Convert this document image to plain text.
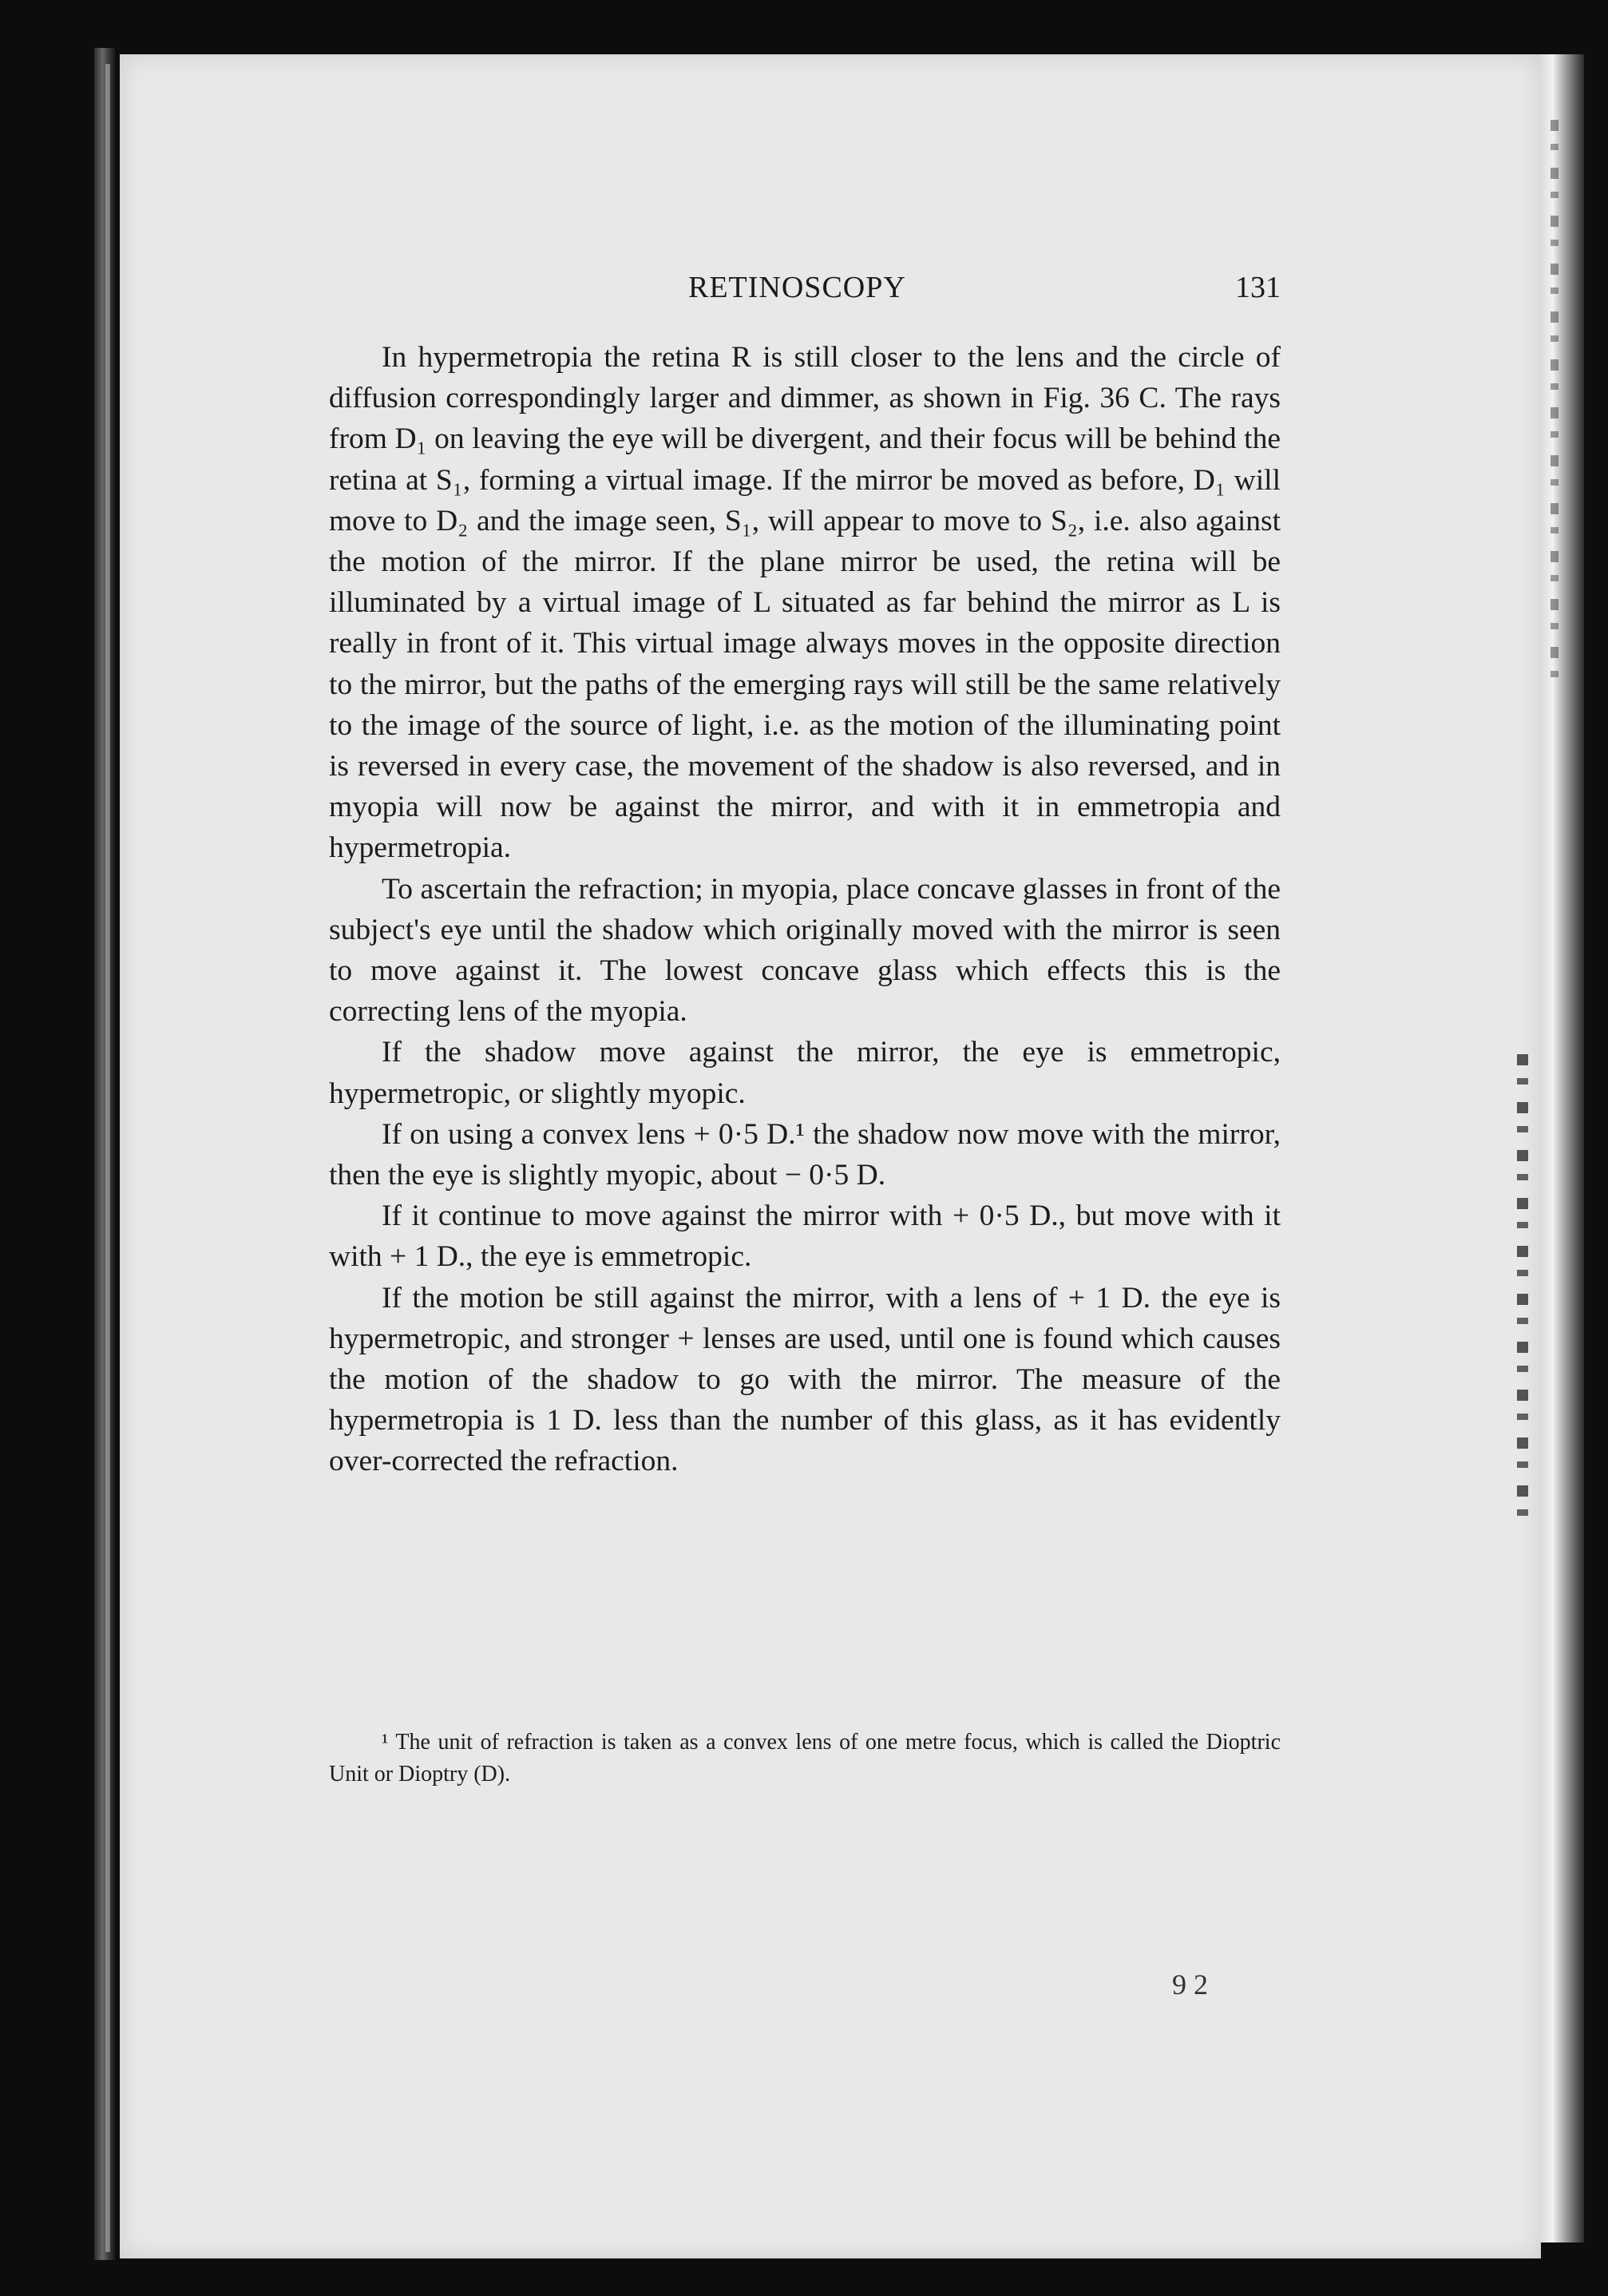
RETINOSCOPY	131

In hypermetropia the retina R is still closer to the lens and the circle of diffusion correspondingly larger and dimmer, as shown in Fig. 36 C. The rays from D₁ on leaving the eye will be divergent, and their focus will be behind the retina at S₁, forming a virtual image. If the mirror be moved as before, D₁ will move to D₂ and the image seen, S₁, will appear to move to S₂, i.e. also against the motion of the mirror. If the plane mirror be used, the retina will be illuminated by a virtual image of L situated as far behind the mirror as L is really in front of it. This virtual image always moves in the opposite direction to the mirror, but the paths of the emerging rays will still be the same relatively to the image of the source of light, i.e. as the motion of the illuminating point is reversed in every case, the movement of the shadow is also reversed, and in myopia will now be against the mirror, and with it in emmetropia and hypermetropia.

To ascertain the refraction; in myopia, place concave glasses in front of the subject's eye until the shadow which originally moved with the mirror is seen to move against it. The lowest concave glass which effects this is the correcting lens of the myopia.

If the shadow move against the mirror, the eye is emmetropic, hypermetropic, or slightly myopic.

If on using a convex lens + 0·5 D.¹ the shadow now move with the mirror, then the eye is slightly myopic, about − 0·5 D.

If it continue to move against the mirror with + 0·5 D., but move with it with + 1 D., the eye is emmetropic.

If the motion be still against the mirror, with a lens of + 1 D. the eye is hypermetropic, and stronger + lenses are used, until one is found which causes the motion of the shadow to go with the mirror. The measure of the hypermetropia is 1 D. less than the number of this glass, as it has evidently over-corrected the refraction.

¹ The unit of refraction is taken as a convex lens of one metre focus, which is called the Dioptric Unit or Dioptry (D).
9 2
